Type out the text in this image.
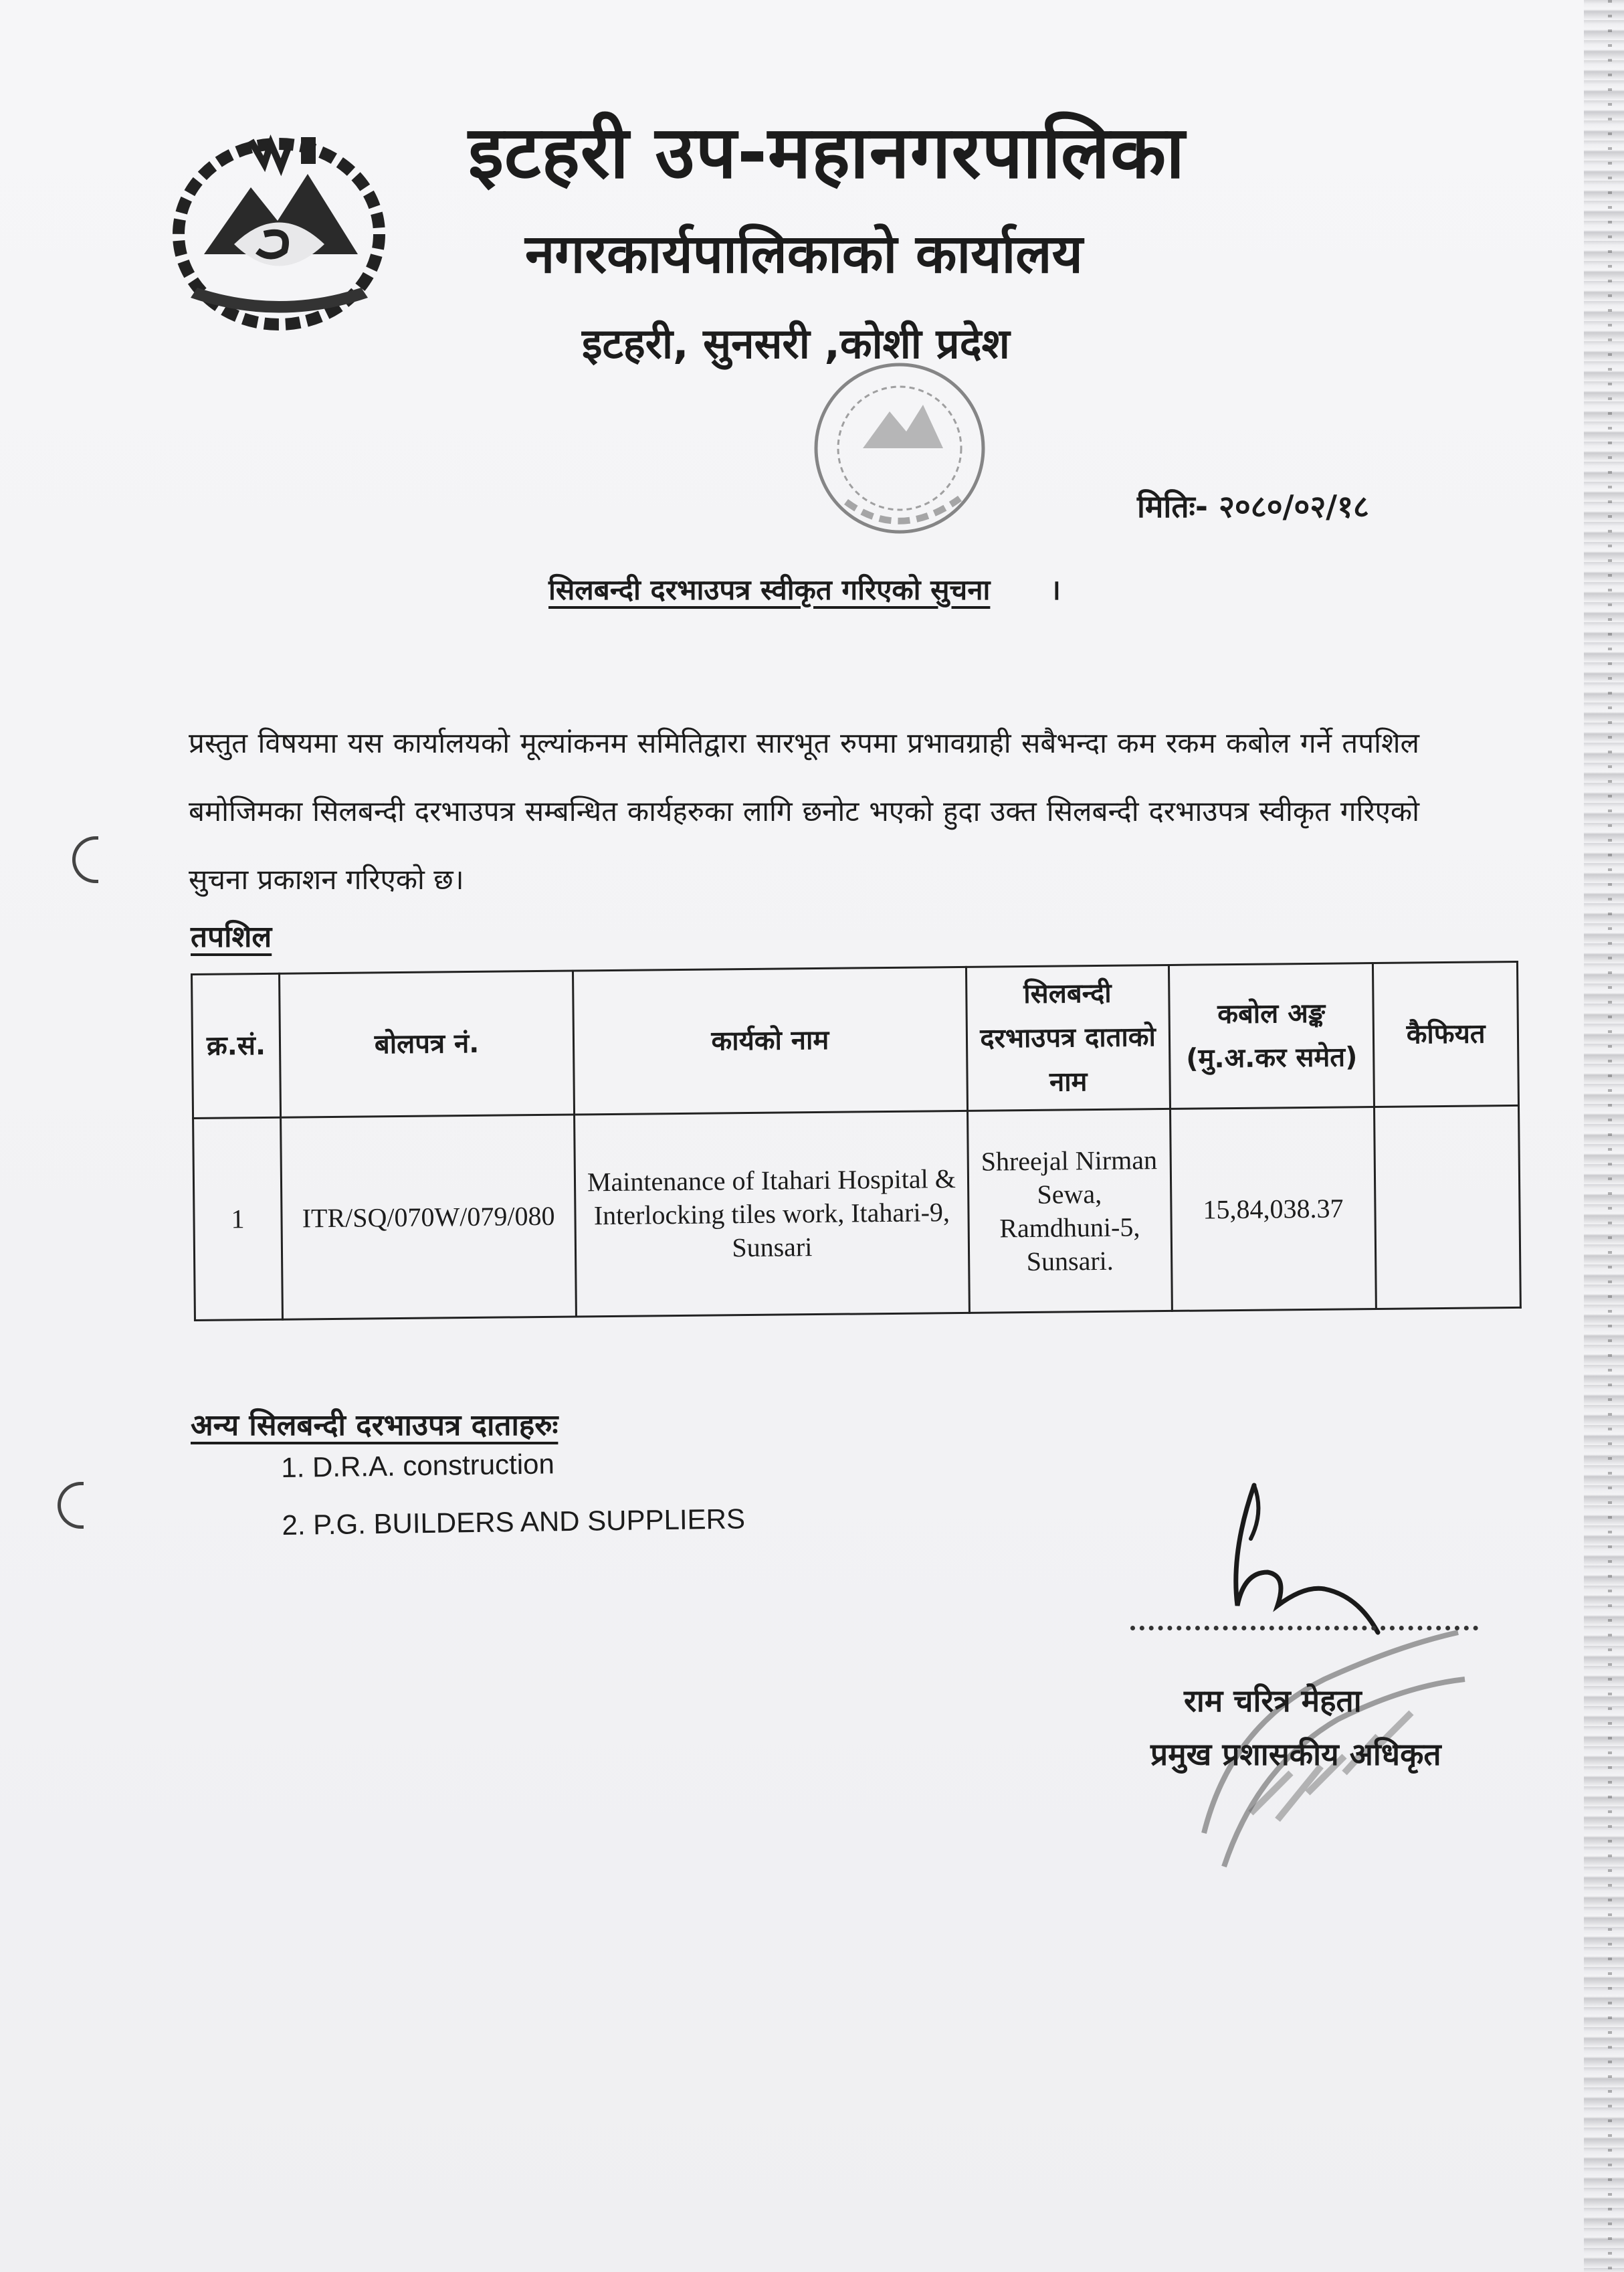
इटहरी उप-महानगरपालिका
नगरकार्यपालिकाको कार्यालय
इटहरी, सुनसरी ,कोशी प्रदेश
मितिः- २०८०/०२/१८
सिलबन्दी दरभाउपत्र स्वीकृत गरिएको सुचना ।
प्रस्तुत विषयमा यस कार्यालयको मूल्यांकनम समितिद्वारा सारभूत रुपमा प्रभावग्राही सबैभन्दा कम रकम कबोल गर्ने तपशिल बमोजिमका सिलबन्दी दरभाउपत्र सम्बन्धित कार्यहरुका लागि छनोट भएको हुदा उक्त सिलबन्दी दरभाउपत्र स्वीकृत गरिएको सुचना प्रकाशन गरिएको छ।
तपशिल
क्र.सं.	बोलपत्र नं.	कार्यको नाम	सिलबन्दी दरभाउपत्र दाताको नाम	कबोल अङ्क (मु.अ.कर समेत)	कैफियत
1	ITR/SQ/070W/079/080	Maintenance of Itahari Hospital & Interlocking tiles work, Itahari-9, Sunsari	Shreejal Nirman Sewa, Ramdhuni-5, Sunsari.	15,84,038.37	
अन्य सिलबन्दी दरभाउपत्र दाताहरुः
1. D.R.A. construction
2. P.G. BUILDERS AND SUPPLIERS
राम चरित्र मेहता
प्रमुख प्रशासकीय अधिकृत
